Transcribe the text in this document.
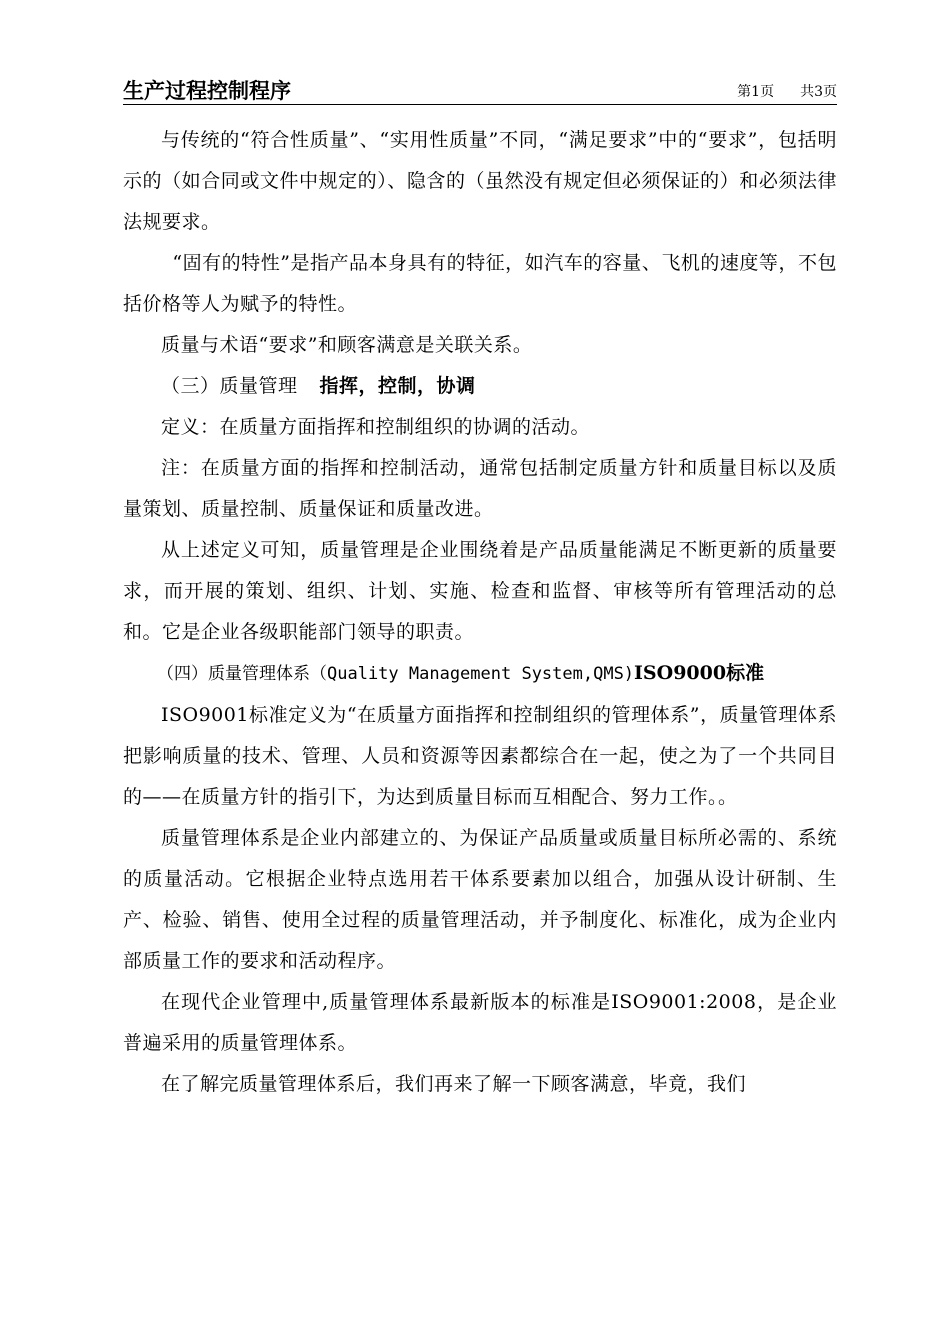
生产过程控制程序	第1页 共3页

与传统的“符合性质量”、“实用性质量”不同，“满足要求”中的“要求”，包括明示的（如合同或文件中规定的）、隐含的（虽然没有规定但必须保证的）和必须法律法规要求。

“固有的特性”是指产品本身具有的特征，如汽车的容量、飞机的速度等，不包括价格等人为赋予的特性。

质量与术语“要求”和顾客满意是关联关系。

（三）质量管理 指挥，控制，协调

定义：在质量方面指挥和控制组织的协调的活动。

注：在质量方面的指挥和控制活动，通常包括制定质量方针和质量目标以及质量策划、质量控制、质量保证和质量改进。

从上述定义可知，质量管理是企业围绕着是产品质量能满足不断更新的质量要求，而开展的策划、组织、计划、实施、检查和监督、审核等所有管理活动的总和。它是企业各级职能部门领导的职责。

（四）质量管理体系（Quality Management System,QMS)ISO9000标准

ISO9001标准定义为“在质量方面指挥和控制组织的管理体系”，质量管理体系把影响质量的技术、管理、人员和资源等因素都综合在一起，使之为了一个共同目的——在质量方针的指引下，为达到质量目标而互相配合、努力工作。。

质量管理体系是企业内部建立的、为保证产品质量或质量目标所必需的、系统的质量活动。它根据企业特点选用若干体系要素加以组合，加强从设计研制、生产、检验、销售、使用全过程的质量管理活动，并予制度化、标准化，成为企业内部质量工作的要求和活动程序。

在现代企业管理中,质量管理体系最新版本的标准是ISO9001:2008，是企业普遍采用的质量管理体系。

在了解完质量管理体系后，我们再来了解一下顾客满意，毕竟，我们
